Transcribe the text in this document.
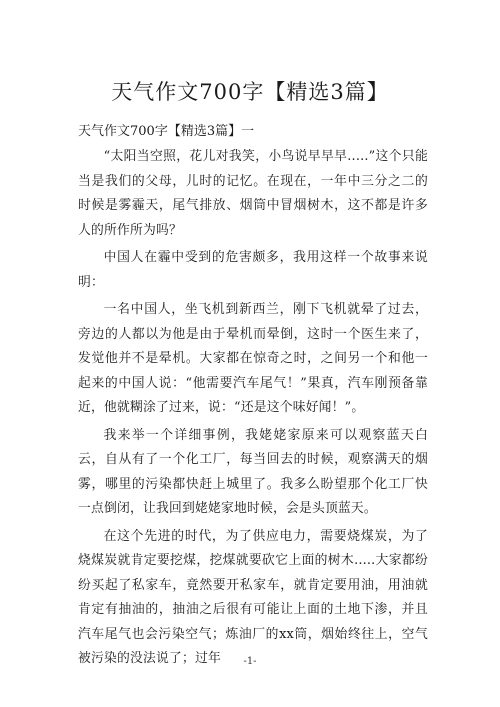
天气作文700字【精选3篇】

天气作文700字【精选3篇】一

“太阳当空照，花儿对我笑，小鸟说早早早.....”这个只能当是我们的父母，儿时的记忆。在现在，一年中三分之二的时候是雾霾天，尾气排放、烟筒中冒烟树木，这不都是许多人的所作所为吗？

中国人在霾中受到的危害颇多，我用这样一个故事来说明：

一名中国人，坐飞机到新西兰，刚下飞机就晕了过去，旁边的人都以为他是由于晕机而晕倒，这时一个医生来了，发觉他并不是晕机。大家都在惊奇之时，之间另一个和他一起来的中国人说：“他需要汽车尾气！”果真，汽车刚预备靠近，他就糊涂了过来，说：“还是这个味好闻！”。

我来举一个详细事例，我姥姥家原来可以观察蓝天白云，自从有了一个化工厂，每当回去的时候，观察满天的烟雾，哪里的污染都快赶上城里了。我多么盼望那个化工厂快一点倒闭，让我回到姥姥家地时候，会是头顶蓝天。

在这个先进的时代，为了供应电力，需要烧煤炭，为了烧煤炭就肯定要挖煤，挖煤就要砍它上面的树木.....大家都纷纷买起了私家车，竟然要开私家车，就肯定要用油，用油就肯定有抽油的，抽油之后很有可能让上面的土地下渗，并且汽车尾气也会污染空气；炼油厂的xx筒，烟始终往上，空气被污染的没法说了；过年	-1-
